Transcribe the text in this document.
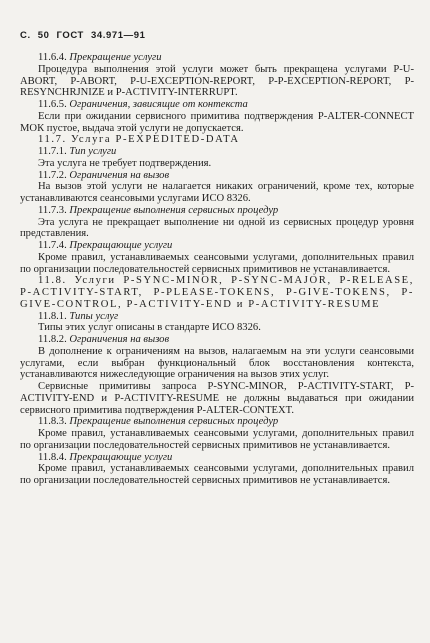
С. 50 ГОСТ 34.971—91

11.6.4. Прекращение услуги

Процедура выполнения этой услуги может быть прекращена услугами P-U-ABORT, P-ABORT, P-U-EXCEPTION-REPORT, P-P-EXCEPTION-REPORT, P-RESYNCHRJNIZE и P-ACTIVITY-INTERRUPT.

11.6.5. Ограничения, зависящие от контекста

Если при ожидании сервисного примитива подтверждения P-ALTER-CONNECT МОК пустое, выдача этой услуги не допускается.

11.7. Услуга P-EXPEDITED-DATA

11.7.1. Тип услуги

Эта услуга не требует подтверждения.

11.7.2. Ограничения на вызов

На вызов этой услуги не налагается никаких ограничений, кроме тех, которые устанавливаются сеансовыми услугами ИСО 8326.

11.7.3. Прекращение выполнения сервисных процедур

Эта услуга не прекращает выполнение ни одной из сервисных процедур уровня представления.

11.7.4. Прекращающие услуги

Кроме правил, устанавливаемых сеансовыми услугами, дополнительных правил по организации последовательностей сервисных примитивов не устанавливается.

11.8. Услуги P-SYNC-MINOR, P-SYNC-MAJOR, P-RELEASE, P-ACTIVITY-START, P-PLEASE-TOKENS, P-GIVE-TOKENS, P-GIVE-CONTROL, P-ACTIVITY-END и P-ACTIVITY-RESUME

11.8.1. Типы услуг

Типы этих услуг описаны в стандарте ИСО 8326.

11.8.2. Ограничения на вызов

В дополнение к ограничениям на вызов, налагаемым на эти услуги сеансовыми услугами, если выбран функциональный блок восстановления контекста, устанавливаются нижеследующие ограничения на вызов этих услуг.

Сервисные примитивы запроса P-SYNC-MINOR, P-ACTIVITY-START, P-ACTIVITY-END и P-ACTIVITY-RESUME не должны выдаваться при ожидании сервисного примитива подтверждения P-ALTER-CONTEXT.

11.8.3. Прекращение выполнения сервисных процедур

Кроме правил, устанавливаемых сеансовыми услугами, дополнительных правил по организации последовательностей сервисных примитивов не устанавливается.

11.8.4. Прекращающие услуги

Кроме правил, устанавливаемых сеансовыми услугами, дополнительных правил по организации последовательностей сервисных примитивов не устанавливается.
